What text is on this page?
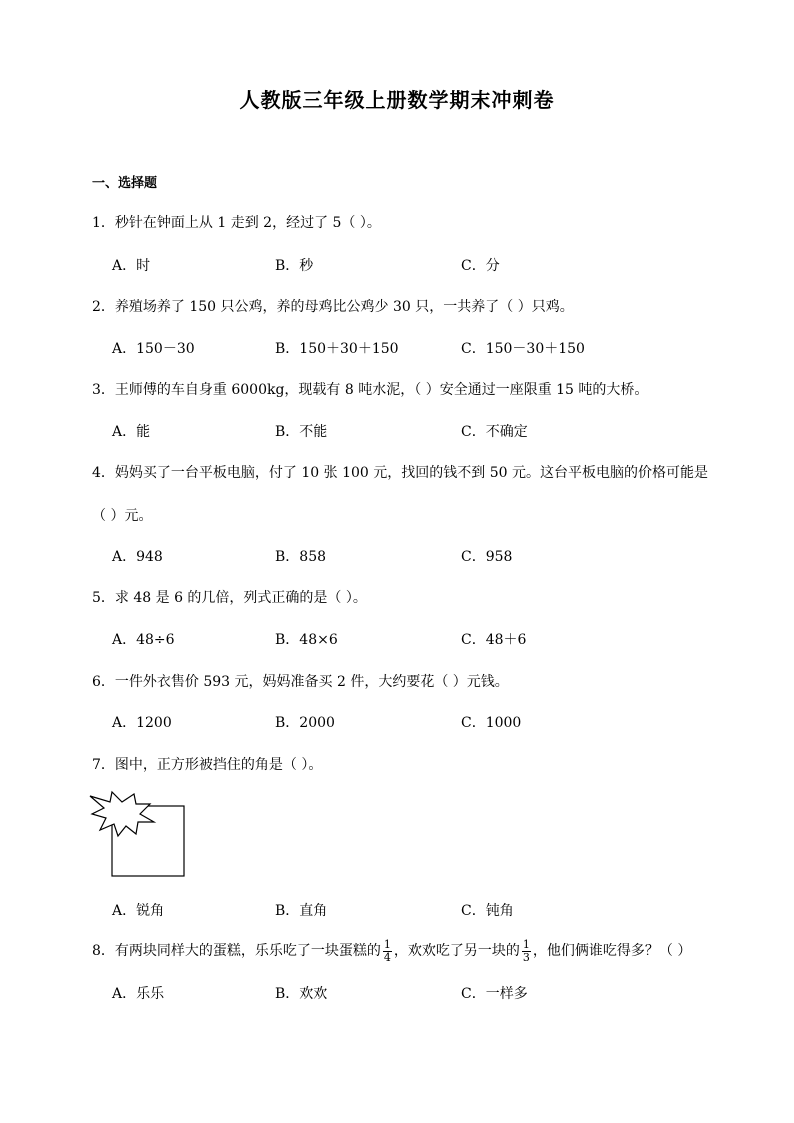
人教版三年级上册数学期末冲刺卷
一、选择题
1．秒针在钟面上从 1 走到 2，经过了 5（ ）。
A．时	B．秒	C．分
2．养殖场养了 150 只公鸡，养的母鸡比公鸡少 30 只，一共养了（ ）只鸡。
A．150－30	B．150＋30＋150	C．150－30＋150
3．王师傅的车自身重 6000kg，现载有 8 吨水泥，（ ）安全通过一座限重 15 吨的大桥。
A．能	B．不能	C．不确定
4．妈妈买了一台平板电脑，付了 10 张 100 元，找回的钱不到 50 元。这台平板电脑的价格可能是
（ ）元。
A．948	B．858	C．958
5．求 48 是 6 的几倍，列式正确的是（ ）。
A．48÷6	B．48×6	C．48＋6
6．一件外衣售价 593 元，妈妈准备买 2 件，大约要花（ ）元钱。
A．1200	B．2000	C．1000
7．图中，正方形被挡住的角是（ ）。
A．锐角	B．直角	C．钝角
8．有两块同样大的蛋糕，乐乐吃了一块蛋糕的 $\frac{1}{4}$ ，欢欢吃了另一块的 $\frac{1}{3}$ ，他们俩谁吃得多？（ ）
A．乐乐	B．欢欢	C．一样多
